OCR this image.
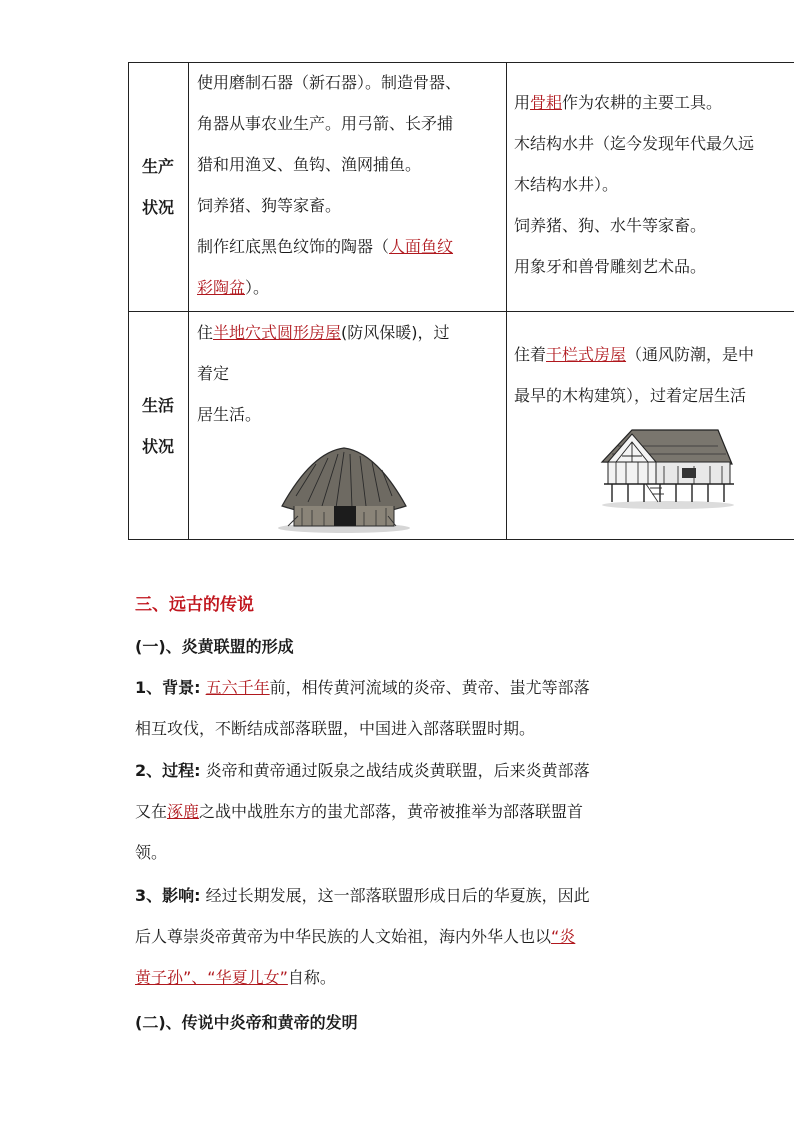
生产
状况
使用磨制石器（新石器）。制造骨器、
角器从事农业生产。用弓箭、长矛捕
猎和用渔叉、鱼钩、渔网捕鱼。
饲养猪、狗等家畜。
制作红底黑色纹饰的陶器（人面鱼纹
彩陶盆）。
用骨耜作为农耕的主要工具。
木结构水井（迄今发现年代最久远
木结构水井）。
饲养猪、狗、水牛等家畜。
用象牙和兽骨雕刻艺术品。
生活
状况
住半地穴式圆形房屋(防风保暖)，过
着定
居生活。
住着干栏式房屋（通风防潮，是中
最早的木构建筑），过着定居生活
三、远古的传说
(一)、炎黄联盟的形成
1、背景: 五六千年前，相传黄河流域的炎帝、黄帝、蚩尤等部落
相互攻伐，不断结成部落联盟，中国进入部落联盟时期。
2、过程: 炎帝和黄帝通过阪泉之战结成炎黄联盟，后来炎黄部落
又在涿鹿之战中战胜东方的蚩尤部落，黄帝被推举为部落联盟首
领。
3、影响: 经过长期发展，这一部落联盟形成日后的华夏族，因此
后人尊崇炎帝黄帝为中华民族的人文始祖，海内外华人也以“炎
黄子孙”、“华夏儿女”自称。
(二)、传说中炎帝和黄帝的发明
